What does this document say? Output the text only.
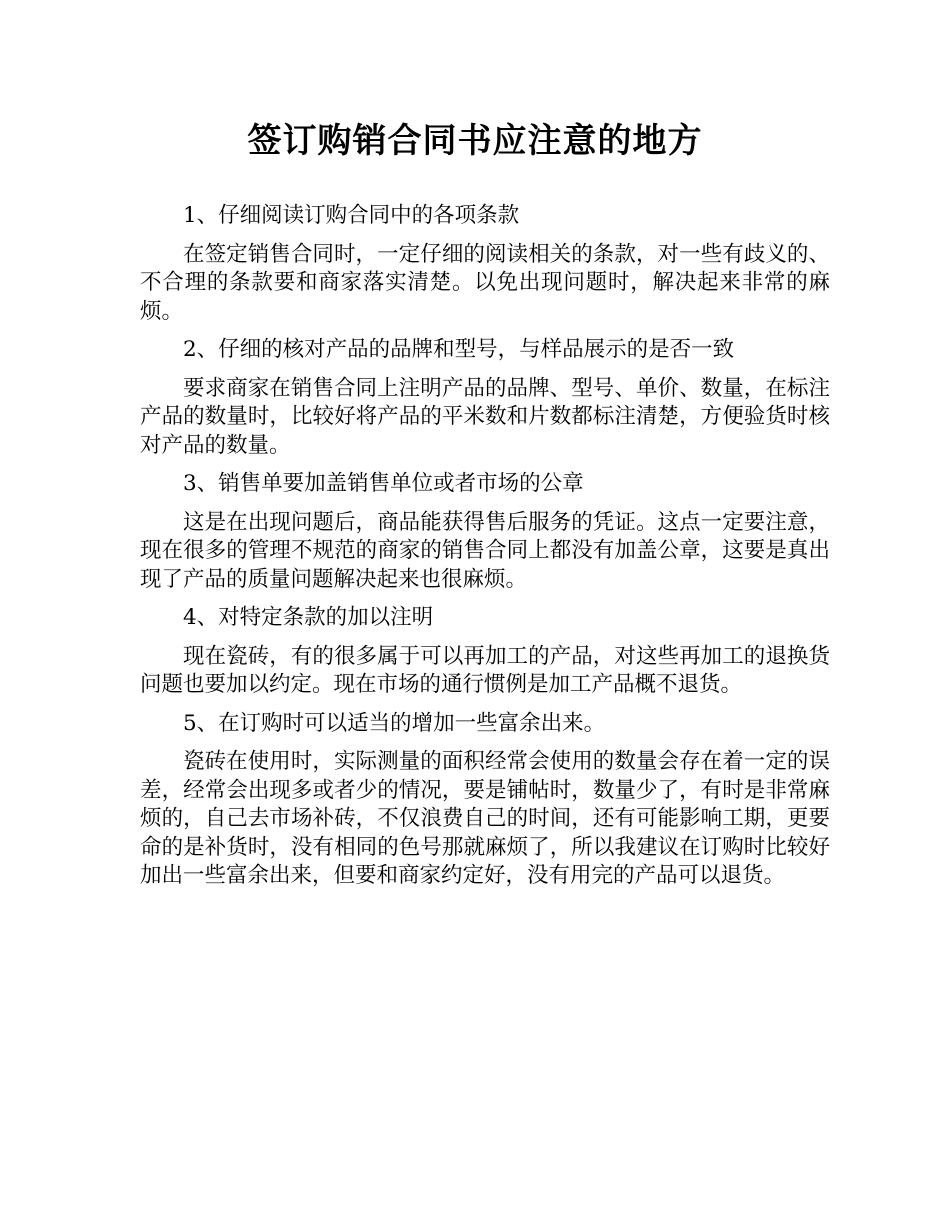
签订购销合同书应注意的地方

1、仔细阅读订购合同中的各项条款

在签定销售合同时，一定仔细的阅读相关的条款，对一些有歧义的、不合理的条款要和商家落实清楚。以免出现问题时，解决起来非常的麻烦。

2、仔细的核对产品的品牌和型号，与样品展示的是否一致

要求商家在销售合同上注明产品的品牌、型号、单价、数量，在标注产品的数量时，比较好将产品的平米数和片数都标注清楚，方便验货时核对产品的数量。

3、销售单要加盖销售单位或者市场的公章

这是在出现问题后，商品能获得售后服务的凭证。这点一定要注意，现在很多的管理不规范的商家的销售合同上都没有加盖公章，这要是真出现了产品的质量问题解决起来也很麻烦。

4、对特定条款的加以注明

现在瓷砖，有的很多属于可以再加工的产品，对这些再加工的退换货问题也要加以约定。现在市场的通行惯例是加工产品概不退货。

5、在订购时可以适当的增加一些富余出来。

瓷砖在使用时，实际测量的面积经常会使用的数量会存在着一定的误差，经常会出现多或者少的情况，要是铺帖时，数量少了，有时是非常麻烦的，自己去市场补砖，不仅浪费自己的时间，还有可能影响工期，更要命的是补货时，没有相同的色号那就麻烦了，所以我建议在订购时比较好加出一些富余出来，但要和商家约定好，没有用完的产品可以退货。
